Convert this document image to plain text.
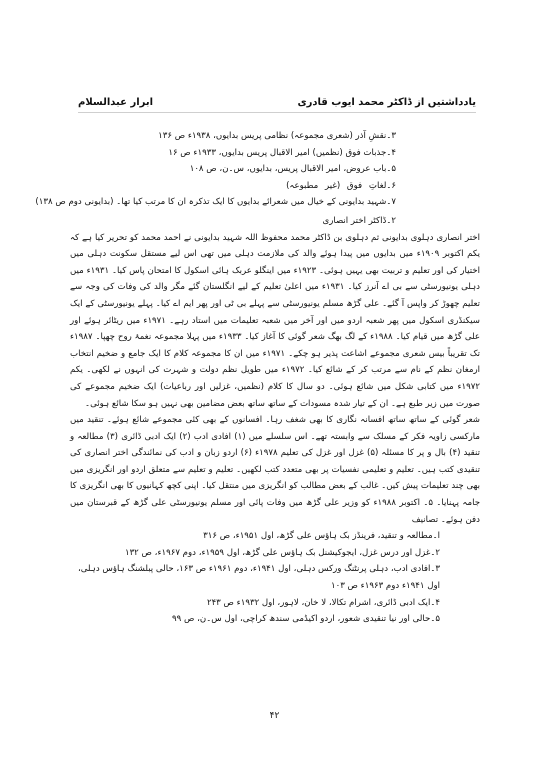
یادداشتیں از ڈاکٹر محمد ایوب قادری
ابرار عبدالسلام
۳۔نقشِ آذر (شعری مجموعہ) نظامی پریس بدایوں، ۱۹۳۸ء ص ۱۳۶
۴۔جذبات فوق (نظمیں) امیر الاقبال پریس بدایوں، ۱۹۳۳ء ص ۱۶
۵۔باب عروض، امیر الاقبال پریس، بدایوں، س۔ن، ص ۱۰۸
۶۔لغاتِ فوق (غیر مطبوعہ)
۷۔شہید بدایونی کے خیال میں شعرائے بدایوں کا ایک تذکرہ ان کا مرتب کیا تھا۔ (بدایونی دوم ص ۱۳۸)
۲۔ڈاکٹر اختر انصاری

اختر انصاری دہلوی بدایونی ثم دہلوی بن ڈاکٹر محمد محفوظ اللہ شہید بدایونی نے احمد محمد کو تحریر کیا ہے کہ یکم اکتوبر ۱۹۰۹ء میں بدایوں میں پیدا ہوئے والد کی ملازمت دہلی میں تھی اس لیے مستقل سکونت دہلی میں اختیار کی اور تعلیم و تربیت بھی یہیں ہوئی۔ ۱۹۲۳ء میں اینگلو عربک ہائی اسکول کا امتحان پاس کیا۔ ۱۹۳۱ء میں دہلی یونیورسٹی سے بی اے آنرز کیا۔ ۱۹۳۱ء میں اعلیٰ تعلیم کے لیے انگلستان گئے مگر والد کی وفات کی وجہ سے تعلیم چھوڑ کر واپس آ گئے۔ علی گڑھ مسلم یونیورسٹی سے پہلے بی ٹی اور پھر ایم اے کیا۔ پہلے یونیورسٹی کے ایک سیکنڈری اسکول میں پھر شعبہ اردو میں اور آخر میں شعبہ تعلیمات میں استاد رہے۔ ۱۹۷۱ء میں ریٹائر ہوئے اور علی گڑھ میں قیام کیا۔ ۱۹۸۸ء کے لگ بھگ شعر گوئی کا آغاز کیا۔ ۱۹۳۳ء میں پہلا مجموعہ نغمۂ روح چھپا۔ ۱۹۸۷ء تک تقریباً بیس شعری مجموعے اشاعت پذیر ہو چکے۔ ۱۹۷۱ء میں ان کا مجموعہ کلام کا ایک جامع و ضخیم انتخاب ارمغان نظم کے نام سے مرتب کر کے شائع کیا۔ ۱۹۷۲ء میں طویل نظم دولت و شہرت کی انہوں نے لکھی۔ یکم ۱۹۷۲ء میں کتابی شکل میں شائع ہوئی۔ دو سال کا کلام (نظمیں، غزلیں اور رباعیات) ایک ضخیم مجموعے کی صورت میں زیر طبع ہے۔ ان کے تیار شدہ مسودات کے ساتھ ساتھ بعض مضامین بھی نہیں ہو سکا شائع ہوئی۔

شعر گوئی کے ساتھ ساتھ افسانہ نگاری کا بھی شغف رہا۔ افسانوں کے بھی کئی مجموعے شائع ہوئے۔ تنقید میں مارکسی زاویہ فکر کے مسلک سے وابستہ تھے۔ اس سلسلے میں (۱) افادی ادب (۲) ایک ادبی ڈائری (۳) مطالعہ و تنقید (۴) بال و پر کا مسئلہ (۵) غزل اور غزل کی تعلیم ۱۹۷۸ء (۶) اردو زبان و ادب کی نمائندگی اختر انصاری کی تنقیدی کتب ہیں۔ تعلیم و تعلیمی نفسیات پر بھی متعدد کتب لکھیں۔ تعلیم و تعلیم سے متعلق اردو اور انگریزی میں بھی چند تعلیمات پیش کیں۔ غالب کے بعض مطالب کو انگریزی میں منتقل کیا۔ اپنی کچھ کہانیوں کا بھی انگریزی کا جامہ پہنایا۔ ۵۔ اکتوبر ۱۹۸۸ء کو وزیر علی گڑھ میں وفات پائی اور مسلم یونیورسٹی علی گڑھ کے قبرستان میں دفن ہوئے۔ تصانیف

ا۔مطالعہ و تنقید، فرینڈز بک ہاؤس علی گڑھ، اول ۱۹۵۱ء، ص ۳۱۶
۲۔غزل اور درس غزل، ایجوکیشنل بک ہاؤس علی گڑھ، اول ۱۹۵۹ء، دوم ۱۹۶۷ء، ص ۱۳۲
۳۔افادی ادب، دہلی پرنٹنگ ورکس دہلی، اول ۱۹۴۱ء، دوم ۱۹۶۱ء ص ۱۶۳، حالی پبلشنگ ہاؤس دہلی،
اول ۱۹۴۱ء دوم ۱۹۶۳ء ص ۱۰۳
۴۔ایک ادبی ڈائری، اشرام تکالا، لا خان، لاہور، اول ۱۹۳۲ء ص ۲۴۳
۵۔حالی اور نیا تنقیدی شعور، اردو اکیڈمی سندھ کراچی، اول س۔ن، ص ۹۹
۴۲
